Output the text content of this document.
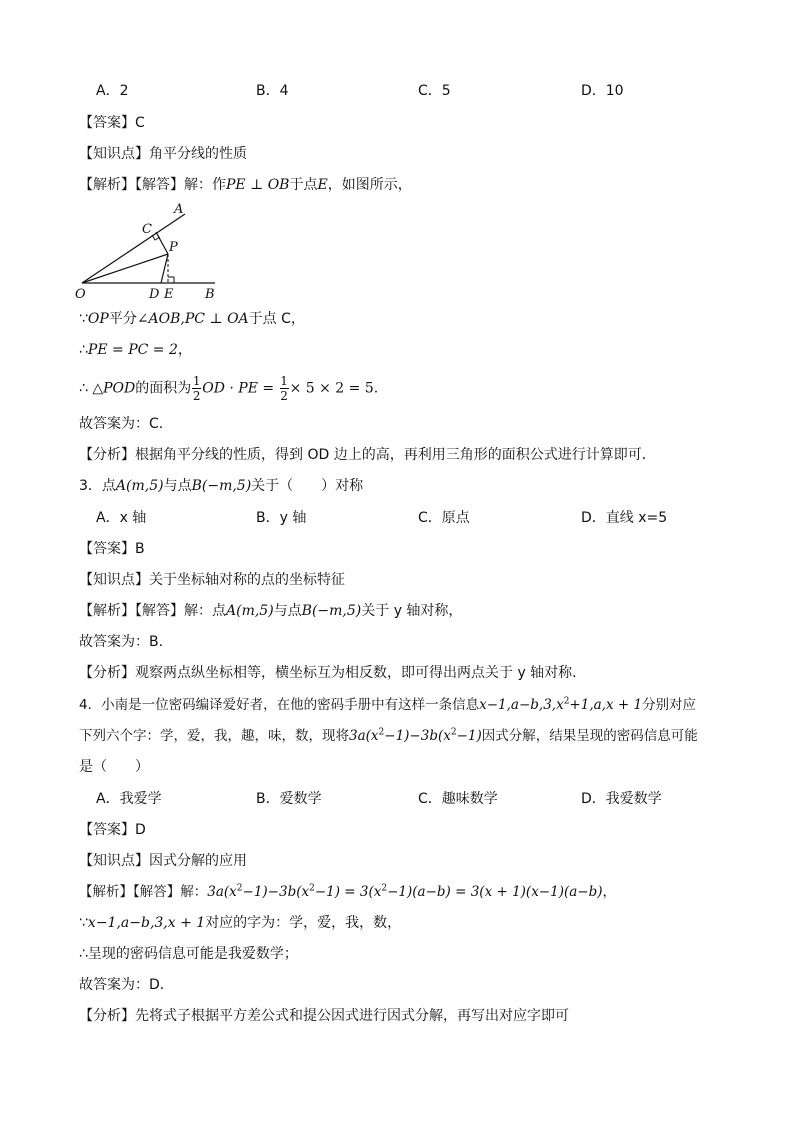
A．2	B．4	C．5	D．10
【答案】C
【知识点】角平分线的性质
【解析】【解答】解：作PE ⊥ OB于点E，如图所示，
A
C
P
O	D E B
∵OP平分∠AOB,PC ⊥ OA于点 C，
∴PE = PC = 2，
∴ △POD的面积为 $\frac{1}{2}$ OD · PE = $\frac{1}{2} \times 5 \times 2 = 5$.
故答案为：C.
【分析】根据角平分线的性质，得到 OD 边上的高，再利用三角形的面积公式进行计算即可．
3．点A(m,5)与点B(−m,5)关于（　　）对称
A．x 轴	B．y 轴	C．原点	D．直线 x=5
【答案】B
【知识点】关于坐标轴对称的点的坐标特征
【解析】【解答】解：点A(m,5)与点B(−m,5)关于 y 轴对称，
故答案为：B.
【分析】观察两点纵坐标相等，横坐标互为相反数，即可得出两点关于 y 轴对称．
4．小南是一位密码编译爱好者，在他的密码手册中有这样一条信息$x-1,a-b,3,x^2+1,a,x + 1$分别对应
下列六个字：学，爱，我，趣，味，数，现将$3a(x^2-1)-3b(x^2-1)$因式分解，结果呈现的密码信息可能
是（　　）
A．我爱学	B．爱数学	C．趣味数学	D．我爱数学
【答案】D
【知识点】因式分解的应用
【解析】【解答】解：$3a(x^2-1)-3b(x^2-1) = 3(x^2-1)(a-b) = 3(x + 1)(x-1)(a-b)$，
∵x−1,a−b,3,x + 1对应的字为：学，爱，我，数，
∴呈现的密码信息可能是我爱数学；
故答案为：D．
【分析】先将式子根据平方差公式和提公因式进行因式分解，再写出对应字即可
